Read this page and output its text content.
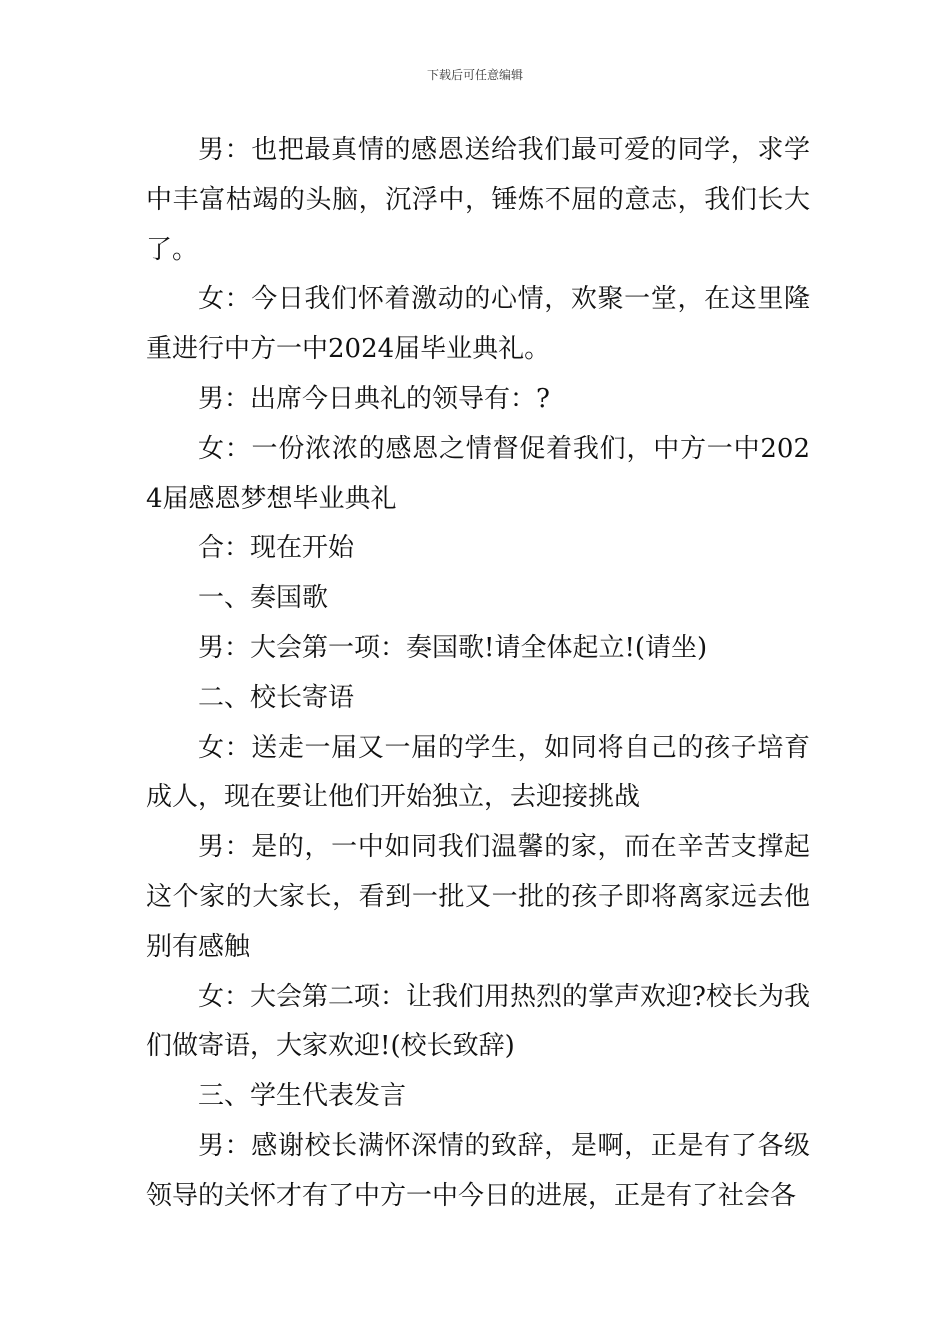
下载后可任意编辑

男：也把最真情的感恩送给我们最可爱的同学，求学中丰富枯竭的头脑，沉浮中，锤炼不屈的意志，我们长大了。

女：今日我们怀着激动的心情，欢聚一堂，在这里隆重进行中方一中2024届毕业典礼。

男：出席今日典礼的领导有：?

女：一份浓浓的感恩之情督促着我们，中方一中2024届感恩梦想毕业典礼

合：现在开始

一、奏国歌

男：大会第一项：奏国歌!请全体起立!(请坐)

二、校长寄语

女：送走一届又一届的学生，如同将自己的孩子培育成人，现在要让他们开始独立，去迎接挑战

男：是的，一中如同我们温馨的家，而在辛苦支撑起这个家的大家长，看到一批又一批的孩子即将离家远去他别有感触

女：大会第二项：让我们用热烈的掌声欢迎?校长为我们做寄语，大家欢迎!(校长致辞)

三、学生代表发言

男：感谢校长满怀深情的致辞，是啊，正是有了各级领导的关怀才有了中方一中今日的进展，正是有了社会各
